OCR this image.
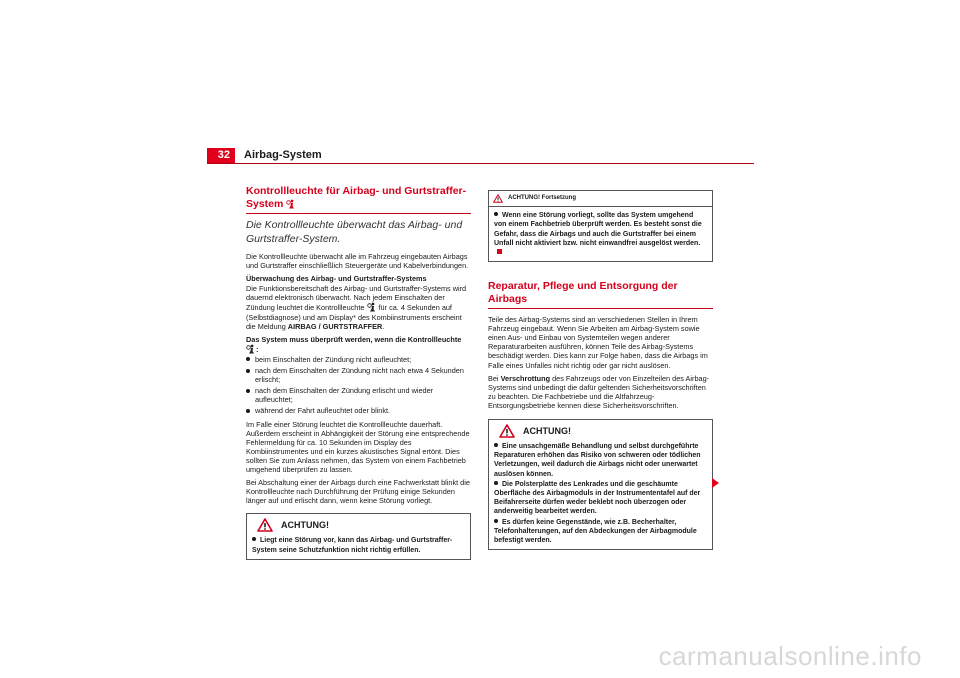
32	Airbag-System
Kontrollleuchte für Airbag- und Gurtstraffer-System
Die Kontrollleuchte überwacht das Airbag- und Gurtstraffer-System.

Die Kontrollleuchte überwacht alle im Fahrzeug eingebauten Airbags und Gurtstraffer einschließlich Steuergeräte und Kabelverbindungen.

Überwachung des Airbag- und Gurtstraffer-Systems

Die Funktionsbereitschaft des Airbag- und Gurtstraffer-Systems wird dauernd elektronisch überwacht. Nach jedem Einschalten der Zündung leuchtet die Kontrollleuchte für ca. 4 Sekunden auf (Selbstdiagnose) und am Display* des Kombiinstruments erscheint die Meldung AIRBAG / GURTSTRAFFER.

Das System muss überprüft werden, wenn die Kontrollleuchte :

beim Einschalten der Zündung nicht aufleuchtet;
nach dem Einschalten der Zündung nicht nach etwa 4 Sekunden erlischt;
nach dem Einschalten der Zündung erlischt und wieder aufleuchtet;
während der Fahrt aufleuchtet oder blinkt.

Im Falle einer Störung leuchtet die Kontrollleuchte dauerhaft. Außerdem erscheint in Abhängigkeit der Störung eine entsprechende Fehlermeldung für ca. 10 Sekunden im Display des Kombiinstrumentes und ein kurzes akustisches Signal ertönt. Dies sollten Sie zum Anlass nehmen, das System von einem Fachbetrieb umgehend überprüfen zu lassen.

Bei Abschaltung einer der Airbags durch eine Fachwerkstatt blinkt die Kontrollleuchte nach Durchführung der Prüfung einige Sekunden länger auf und erlischt dann, wenn keine Störung vorliegt.

ACHTUNG!
Liegt eine Störung vor, kann das Airbag- und Gurtstraffer-System seine Schutzfunktion nicht richtig erfüllen.
ACHTUNG! Fortsetzung
Wenn eine Störung vorliegt, sollte das System umgehend von einem Fachbetrieb überprüft werden. Es besteht sonst die Gefahr, dass die Airbags und auch die Gurtstraffer bei einem Unfall nicht aktiviert bzw. nicht einwandfrei ausgelöst werden.
Reparatur, Pflege und Entsorgung der Airbags

Teile des Airbag-Systems sind an verschiedenen Stellen in Ihrem Fahrzeug eingebaut. Wenn Sie Arbeiten am Airbag-System sowie einen Aus- und Einbau von Systemteilen wegen anderer Reparaturarbeiten ausführen, können Teile des Airbag-Systems beschädigt werden. Dies kann zur Folge haben, dass die Airbags im Falle eines Unfalles nicht richtig oder gar nicht auslösen.

Bei Verschrottung des Fahrzeugs oder von Einzelteilen des Airbag-Systems sind unbedingt die dafür geltenden Sicherheitsvorschriften zu beachten. Die Fachbetriebe und die Altfahrzeug-Entsorgungsbetriebe kennen diese Sicherheitsvorschriften.

ACHTUNG!
Eine unsachgemäße Behandlung und selbst durchgeführte Reparaturen erhöhen das Risiko von schweren oder tödlichen Verletzungen, weil dadurch die Airbags nicht oder unerwartet auslösen können.
Die Polsterplatte des Lenkrades und die geschäumte Oberfläche des Airbagmoduls in der Instrumententafel auf der Beifahrerseite dürfen weder beklebt noch überzogen oder anderweitig bearbeitet werden.
Es dürfen keine Gegenstände, wie z.B. Becherhalter, Telefonhalterungen, auf den Abdeckungen der Airbagmodule befestigt werden.
carmanualsonline.info
